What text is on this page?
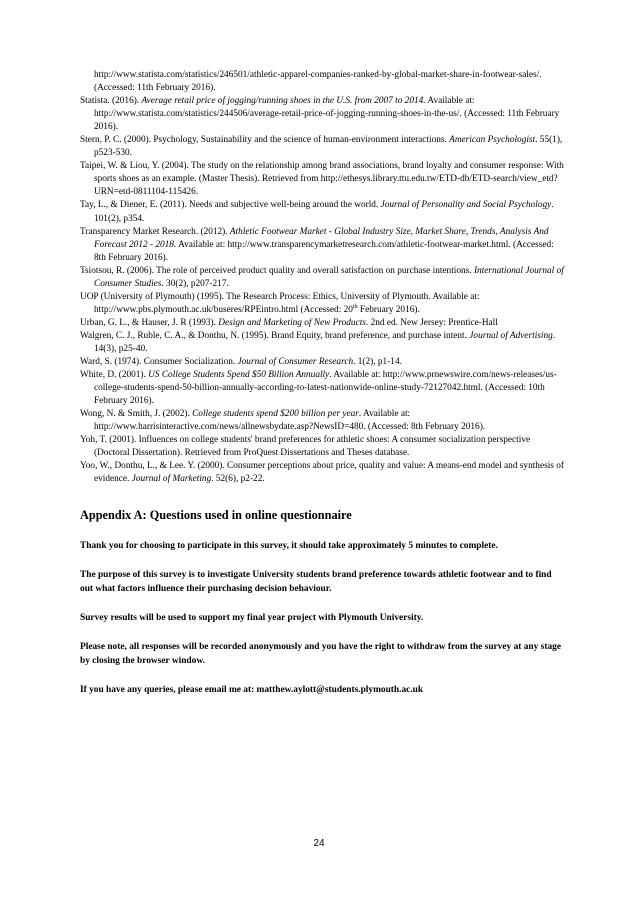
http://www.statista.com/statistics/246501/athletic-apparel-companies-ranked-by-global-market-share-in-footwear-sales/. (Accessed: 11th February 2016).

Statista. (2016). Average retail price of jogging/running shoes in the U.S. from 2007 to 2014. Available at: http://www.statista.com/statistics/244506/average-retail-price-of-jogging-running-shoes-in-the-us/. (Accessed: 11th February 2016).

Stern, P. C. (2000). Psychology, Sustainability and the science of human-environment interactions. American Psychologist. 55(1), p523-530.

Taipei, W. & Liou, Y. (2004). The study on the relationship among brand associations, brand loyalty and consumer response: With sports shoes as an example. (Master Thesis). Retrieved from http://ethesys.library.ttu.edu.tw/ETD-db/ETD-search/view_etd?URN=etd-0811104-115426.

Tay, L., & Diener, E. (2011). Needs and subjective well-being around the world. Journal of Personality and Social Psychology. 101(2), p354.

Transparency Market Research. (2012). Athletic Footwear Market - Global Industry Size, Market Share, Trends, Analysis And Forecast 2012 - 2018. Available at: http://www.transparencymarketresearch.com/athletic-footwear-market.html. (Accessed: 8th February 2016).

Tsiotsou, R. (2006). The role of perceived product quality and overall satisfaction on purchase intentions. International Journal of Consumer Studies. 30(2), p207-217.

UOP (University of Plymouth) (1995). The Research Process: Ethics, University of Plymouth. Available at: http://www.pbs.plymouth.ac.uk/buseres/RPEintro.html (Accessed: 20th February 2016).

Urban, G. L., & Hauser, J. R (1993). Design and Marketing of New Products. 2nd ed. New Jersey: Prentice-Hall

Walgren, C. J., Ruble, C. A., & Donthu, N. (1995). Brand Equity, brand preference, and purchase intent. Journal of Advertising. 14(3), p25-40.

Ward, S. (1974). Consumer Socialization. Journal of Consumer Research. 1(2), p1-14.

White, D. (2001). US College Students Spend $50 Billion Annually. Available at: http://www.prnewswire.com/news-releases/us-college-students-spend-50-billion-annually-according-to-latest-nationwide-online-study-72127042.html. (Accessed: 10th February 2016).

Wong, N. & Smith, J. (2002). College students spend $200 billion per year. Available at: http://www.harrisinteractive.com/news/allnewsbydate.asp?NewsID=480. (Accessed: 8th February 2016).

Yoh, T. (2001). Influences on college students' brand preferences for athletic shoes: A consumer socialization perspective (Doctoral Dissertation). Retrieved from ProQuest Dissertations and Theses database.

Yoo, W., Donthu, L., & Lee. Y. (2000). Consumer perceptions about price, quality and value: A means-end model and synthesis of evidence. Journal of Marketing. 52(6), p2-22.

Appendix A: Questions used in online questionnaire

Thank you for choosing to participate in this survey, it should take approximately 5 minutes to complete.

The purpose of this survey is to investigate University students brand preference towards athletic footwear and to find out what factors influence their purchasing decision behaviour.

Survey results will be used to support my final year project with Plymouth University.

Please note, all responses will be recorded anonymously and you have the right to withdraw from the survey at any stage by closing the browser window.

If you have any queries, please email me at: matthew.aylott@students.plymouth.ac.uk

24
